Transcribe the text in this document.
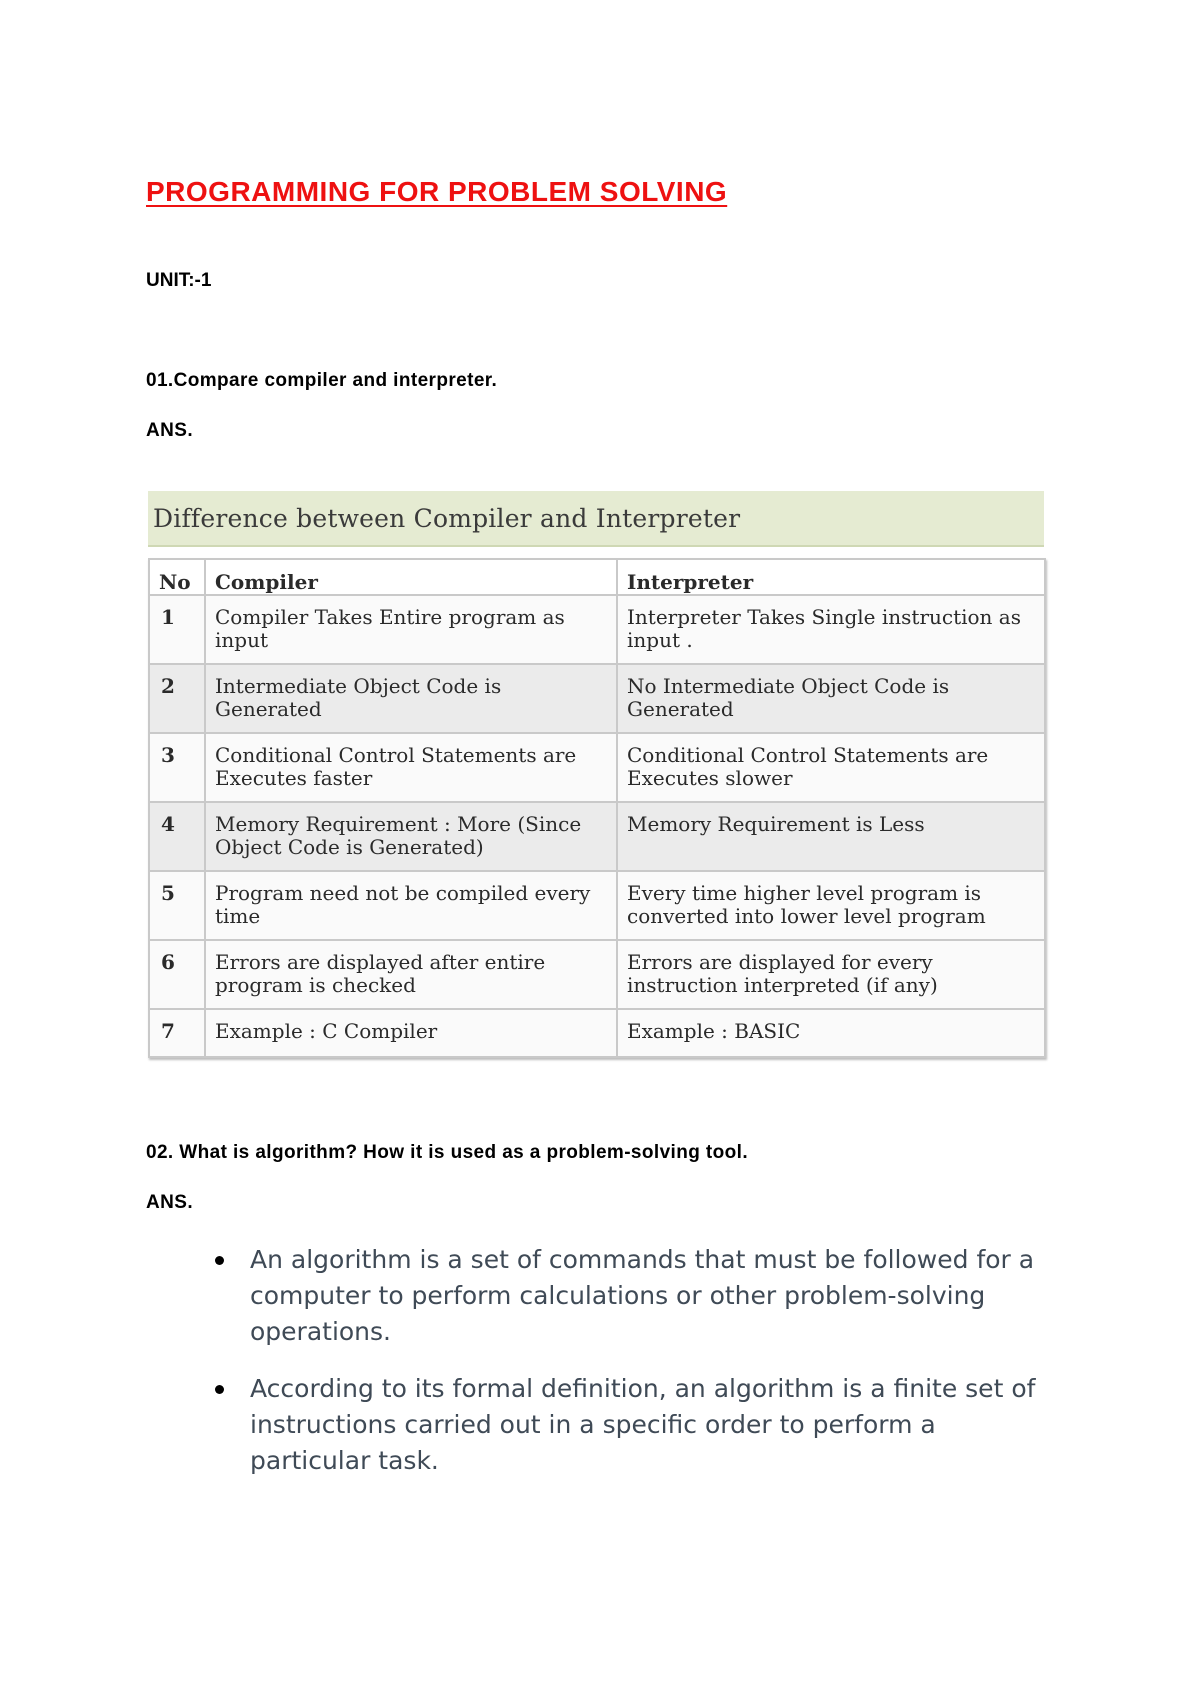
PROGRAMMING FOR PROBLEM SOLVING

UNIT:-1

01.Compare compiler and interpreter.

ANS.

Difference between Compiler and Interpreter
No	Compiler	Interpreter
1	Compiler Takes Entire program as input	Interpreter Takes Single instruction as input .
2	Intermediate Object Code is Generated	No Intermediate Object Code is Generated
3	Conditional Control Statements are Executes faster	Conditional Control Statements are Executes slower
4	Memory Requirement : More (Since Object Code is Generated)	Memory Requirement is Less
5	Program need not be compiled every time	Every time higher level program is converted into lower level program
6	Errors are displayed after entire program is checked	Errors are displayed for every instruction interpreted (if any)
7	Example : C Compiler	Example : BASIC

02. What is algorithm? How it is used as a problem-solving tool.

ANS.

An algorithm is a set of commands that must be followed for a computer to perform calculations or other problem-solving operations.
According to its formal definition, an algorithm is a finite set of instructions carried out in a specific order to perform a particular task.
